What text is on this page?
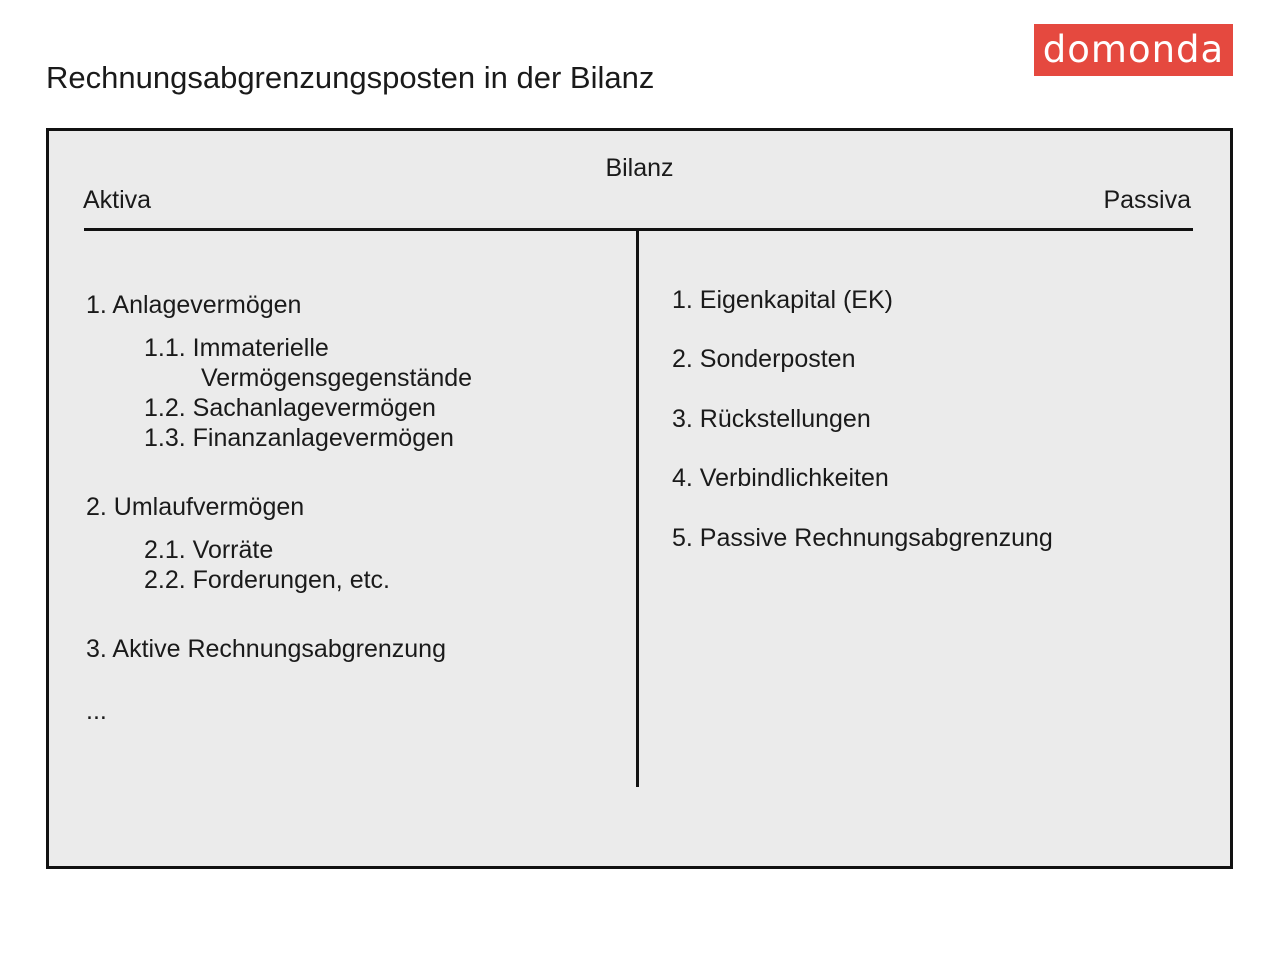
Rechnungsabgrenzungsposten in der Bilanz
domonda
Bilanz
Aktiva	Passiva
1. Anlagevermögen
1.1. Immaterielle
Vermögensgegenstände
1.2. Sachanlagevermögen
1.3. Finanzanlagevermögen
2. Umlaufvermögen
2.1. Vorräte
2.2. Forderungen, etc.
3. Aktive Rechnungsabgrenzung
...
1. Eigenkapital (EK)
2. Sonderposten
3. Rückstellungen
4. Verbindlichkeiten
5. Passive Rechnungsabgrenzung
